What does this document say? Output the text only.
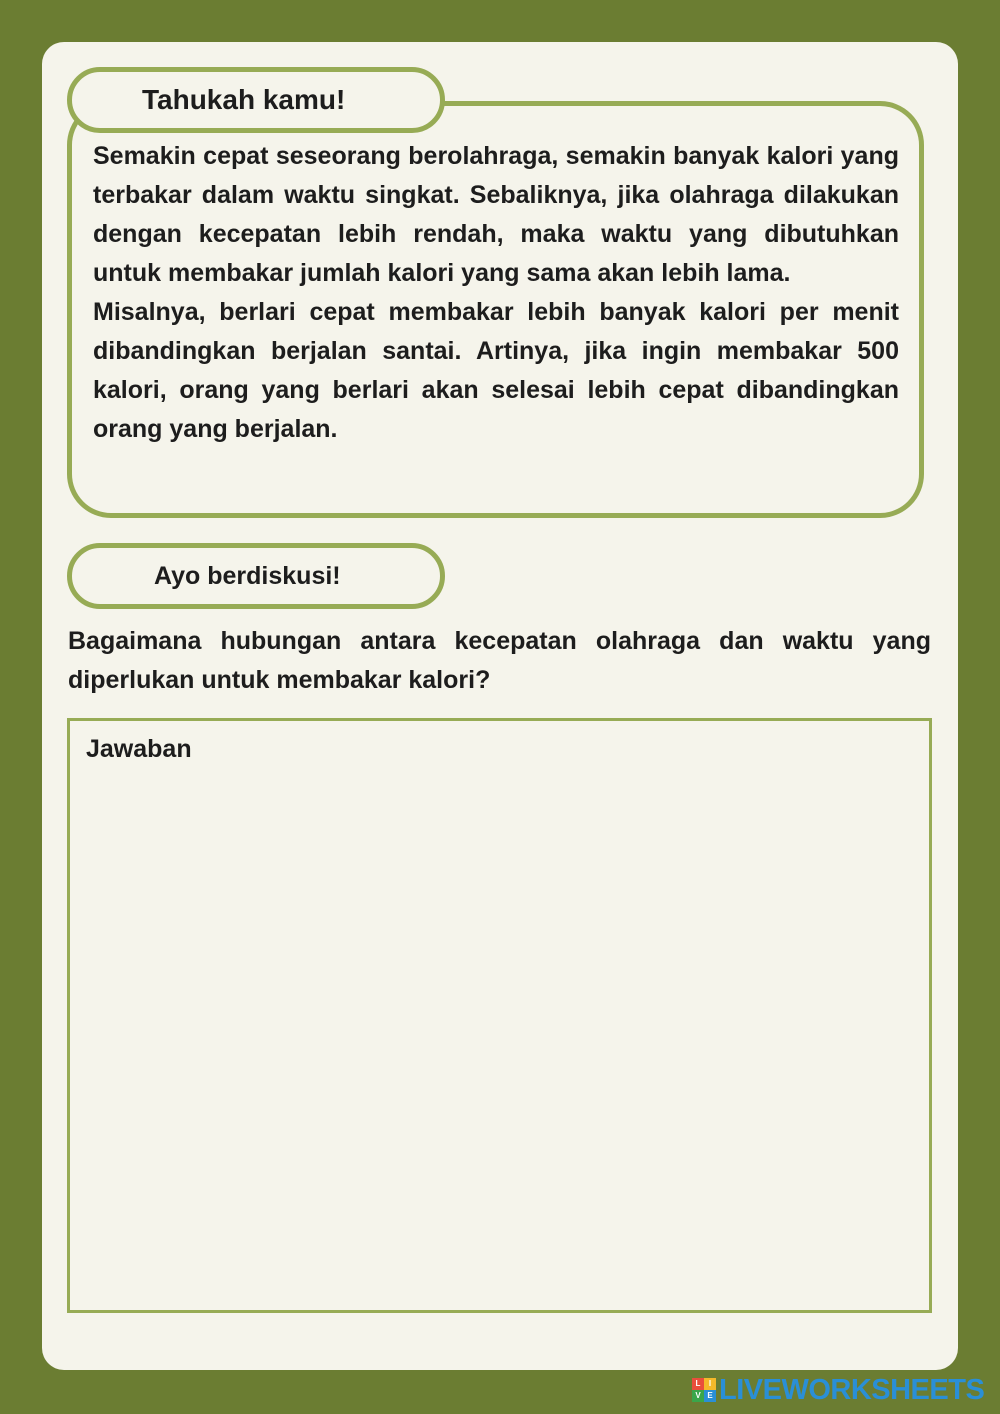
Tahukah kamu!

Semakin cepat seseorang berolahraga, semakin banyak kalori yang terbakar dalam waktu singkat. Sebaliknya, jika olahraga dilakukan dengan kecepatan lebih rendah, maka waktu yang dibutuhkan untuk membakar jumlah kalori yang sama akan lebih lama.

Misalnya, berlari cepat membakar lebih banyak kalori per menit dibandingkan berjalan santai. Artinya, jika ingin membakar 500 kalori, orang yang berlari akan selesai lebih cepat dibandingkan orang yang berjalan.

Ayo berdiskusi!

Bagaimana hubungan antara kecepatan olahraga dan waktu yang diperlukan untuk membakar kalori?

Jawaban
L	I
V E LIVEWORKSHEETS
